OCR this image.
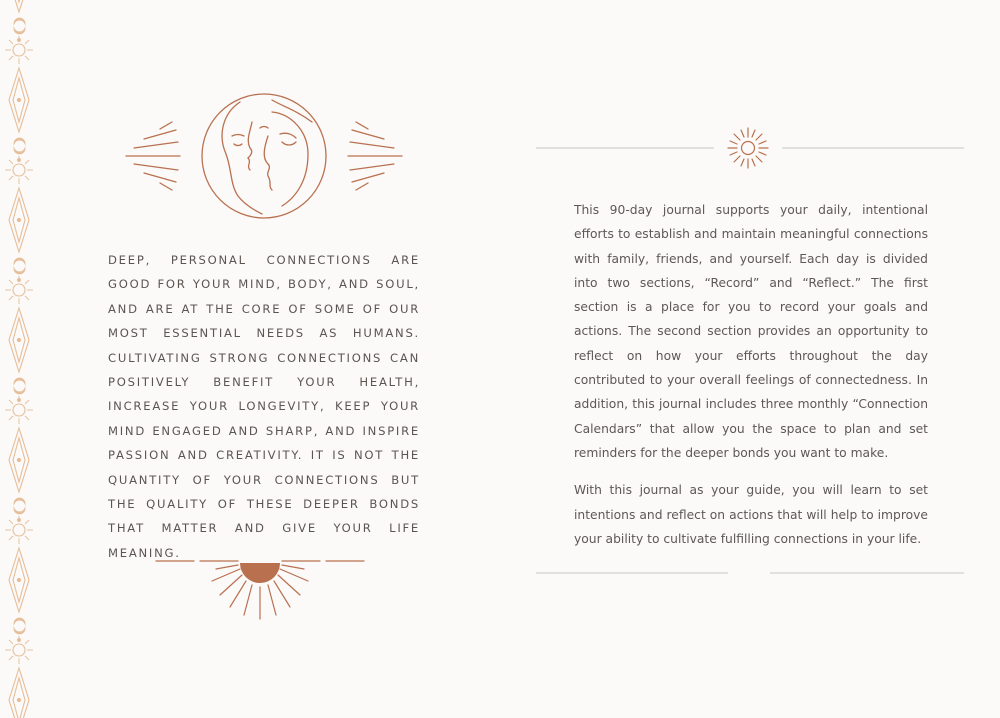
DEEP, PERSONAL CONNECTIONS ARE GOOD FOR YOUR MIND, BODY, AND SOUL, AND ARE AT THE CORE OF SOME OF OUR MOST ESSENTIAL NEEDS AS HUMANS. CULTIVATING STRONG CONNECTIONS CAN POSITIVELY BENEFIT YOUR HEALTH, INCREASE YOUR LONGEVITY, KEEP YOUR MIND ENGAGED AND SHARP, AND INSPIRE PASSION AND CREATIVITY. IT IS NOT THE QUANTITY OF YOUR CONNECTIONS BUT THE QUALITY OF THESE DEEPER BONDS THAT MATTER AND GIVE YOUR LIFE MEANING.

This 90-day journal supports your daily, intentional efforts to establish and maintain meaningful connections with family, friends, and yourself. Each day is divided into two sections, “Record” and “Reflect.” The first section is a place for you to record your goals and actions. The second section provides an opportunity to reflect on how your efforts throughout the day contributed to your overall feelings of connectedness. In addition, this journal includes three monthly “Connection Calendars” that allow you the space to plan and set reminders for the deeper bonds you want to make.

With this journal as your guide, you will learn to set intentions and reflect on actions that will help to improve your ability to cultivate fulfilling connections in your life.
